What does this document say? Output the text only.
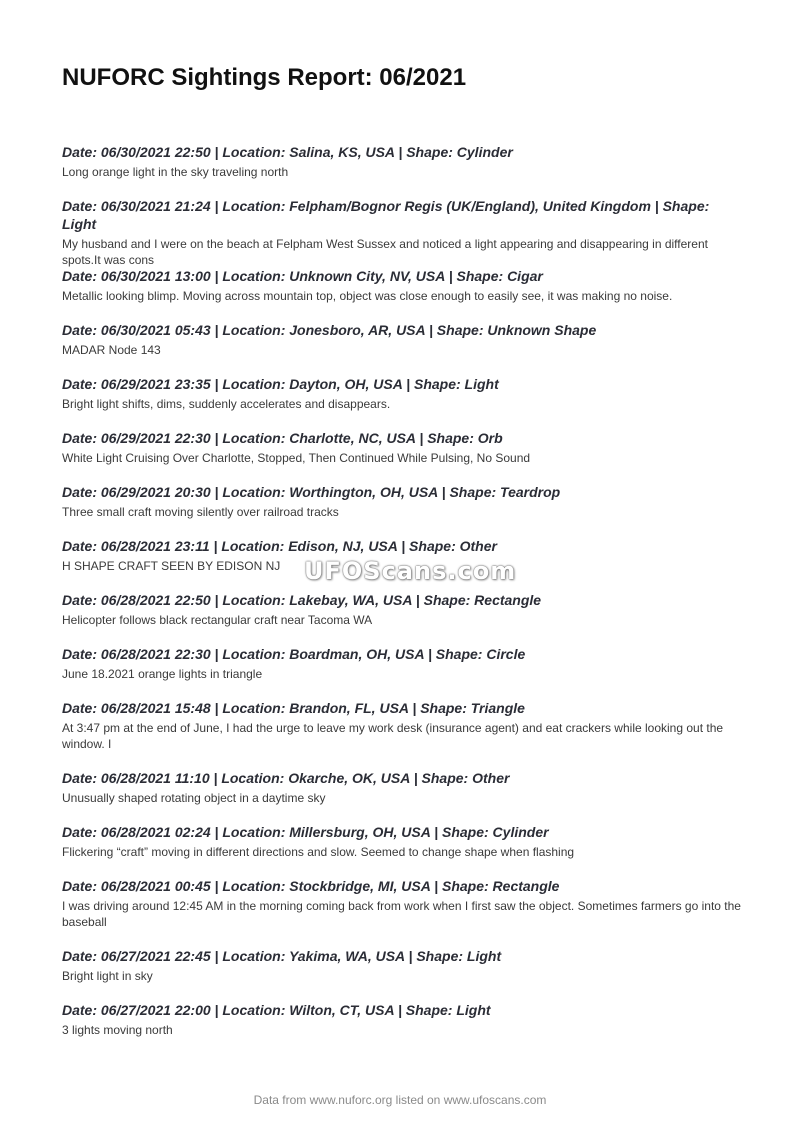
NUFORC Sightings Report: 06/2021
Date: 06/30/2021 22:50 | Location: Salina, KS, USA | Shape: Cylinder
Long orange light in the sky traveling north
Date: 06/30/2021 21:24 | Location: Felpham/Bognor Regis (UK/England), United Kingdom | Shape: Light
My husband and I were on the beach at Felpham West Sussex and noticed a light appearing and disappearing in different spots.It was cons
Date: 06/30/2021 13:00 | Location: Unknown City, NV, USA | Shape: Cigar
Metallic looking blimp. Moving across mountain top, object was close enough to easily see, it was making no noise.
Date: 06/30/2021 05:43 | Location: Jonesboro, AR, USA | Shape: Unknown Shape
MADAR Node 143
Date: 06/29/2021 23:35 | Location: Dayton, OH, USA | Shape: Light
Bright light shifts, dims, suddenly accelerates and disappears.
Date: 06/29/2021 22:30 | Location: Charlotte, NC, USA | Shape: Orb
White Light Cruising Over Charlotte, Stopped, Then Continued While Pulsing, No Sound
Date: 06/29/2021 20:30 | Location: Worthington, OH, USA | Shape: Teardrop
Three small craft moving silently over railroad tracks
Date: 06/28/2021 23:11 | Location: Edison, NJ, USA | Shape: Other
H SHAPE CRAFT SEEN BY EDISON NJ
Date: 06/28/2021 22:50 | Location: Lakebay, WA, USA | Shape: Rectangle
Helicopter follows black rectangular craft near Tacoma WA
Date: 06/28/2021 22:30 | Location: Boardman, OH, USA | Shape: Circle
June 18.2021 orange lights in triangle
Date: 06/28/2021 15:48 | Location: Brandon, FL, USA | Shape: Triangle
At 3:47 pm at the end of June, I had the urge to leave my work desk (insurance agent) and eat crackers while looking out the window. I
Date: 06/28/2021 11:10 | Location: Okarche, OK, USA | Shape: Other
Unusually shaped rotating object in a daytime sky
Date: 06/28/2021 02:24 | Location: Millersburg, OH, USA | Shape: Cylinder
Flickering “craft” moving in different directions and slow. Seemed to change shape when flashing
Date: 06/28/2021 00:45 | Location: Stockbridge, MI, USA | Shape: Rectangle
I was driving around 12:45 AM in the morning coming back from work when I first saw the object. Sometimes farmers go into the baseball
Date: 06/27/2021 22:45 | Location: Yakima, WA, USA | Shape: Light
Bright light in sky
Date: 06/27/2021 22:00 | Location: Wilton, CT, USA | Shape: Light
3 lights moving north
UFOScans.com
Data from www.nuforc.org listed on www.ufoscans.com
